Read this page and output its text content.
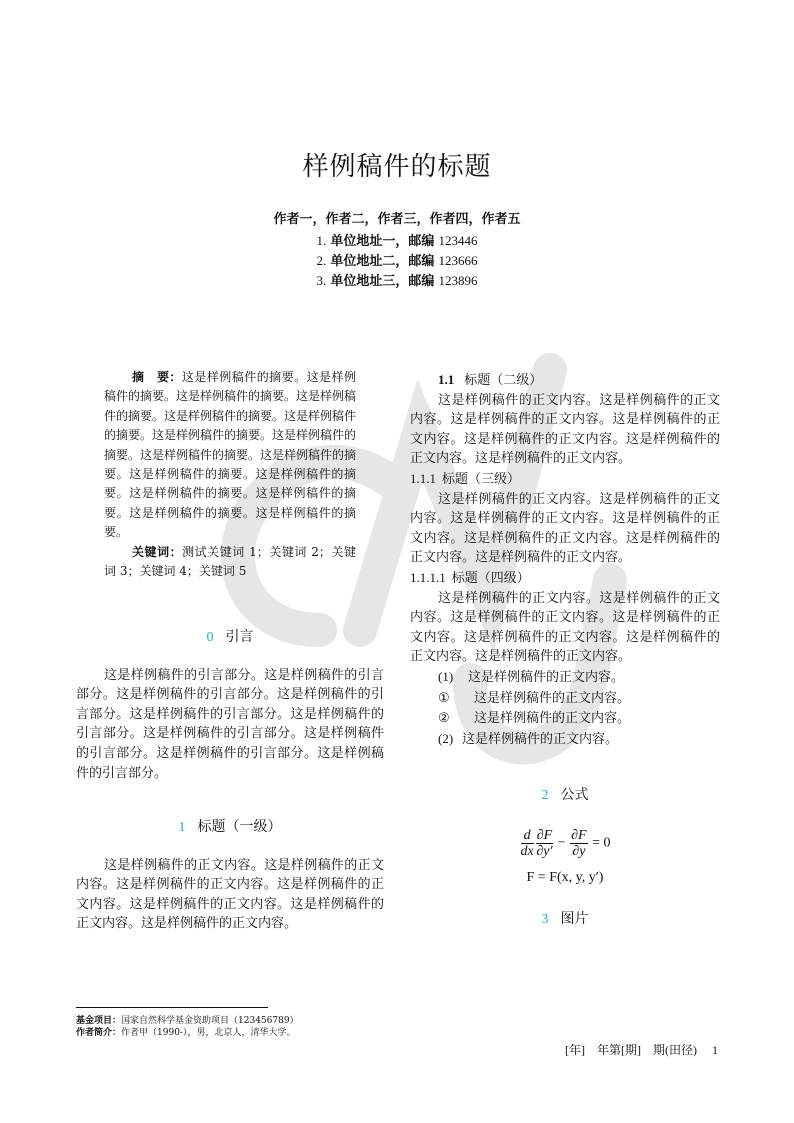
样例稿件的标题
作者一，作者二，作者三，作者四，作者五
1. 单位地址一，邮编 123446
2. 单位地址二，邮编 123666
3. 单位地址三，邮编 123896

摘　要：这是样例稿件的摘要。这是样例稿件的摘要。这是样例稿件的摘要。这是样例稿件的摘要。这是样例稿件的摘要。这是样例稿件的摘要。这是样例稿件的摘要。这是样例稿件的摘要。这是样例稿件的摘要。这是样例稿件的摘要。这是样例稿件的摘要。这是样例稿件的摘要。这是样例稿件的摘要。这是样例稿件的摘要。这是样例稿件的摘要。这是样例稿件的摘要。

关键词：测试关键词 1；关键词 2；关键词 3；关键词 4；关键词 5

0 引言

这是样例稿件的引言部分。这是样例稿件的引言部分。这是样例稿件的引言部分。这是样例稿件的引言部分。这是样例稿件的引言部分。这是样例稿件的引言部分。这是样例稿件的引言部分。这是样例稿件的引言部分。这是样例稿件的引言部分。这是样例稿件的引言部分。

1 标题（一级）

这是样例稿件的正文内容。这是样例稿件的正文内容。这是样例稿件的正文内容。这是样例稿件的正文内容。这是样例稿件的正文内容。这是样例稿件的正文内容。这是样例稿件的正文内容。

1.1 标题（二级）

这是样例稿件的正文内容。这是样例稿件的正文内容。这是样例稿件的正文内容。这是样例稿件的正文内容。这是样例稿件的正文内容。这是样例稿件的正文内容。这是样例稿件的正文内容。

1.1.1 标题（三级）

这是样例稿件的正文内容。这是样例稿件的正文内容。这是样例稿件的正文内容。这是样例稿件的正文内容。这是样例稿件的正文内容。这是样例稿件的正文内容。这是样例稿件的正文内容。

1.1.1.1 标题（四级）

这是样例稿件的正文内容。这是样例稿件的正文内容。这是样例稿件的正文内容。这是样例稿件的正文内容。这是样例稿件的正文内容。这是样例稿件的正文内容。这是样例稿件的正文内容。

(1) 这是样例稿件的正文内容。
① 这是样例稿件的正文内容。
② 这是样例稿件的正文内容。
(2) 这是样例稿件的正文内容。
2 公式
$\frac{d}{dx} \frac{\partial F}{\partial y'} - \frac{\partial F}{\partial y} = 0$
F = F(x, y, y′)
3 图片
基金项目：国家自然科学基金资助项目（123456789）
作者简介：作者甲（1990-），男，北京人，清华大学。
[年]　年第[期]　期(田径)　 1
